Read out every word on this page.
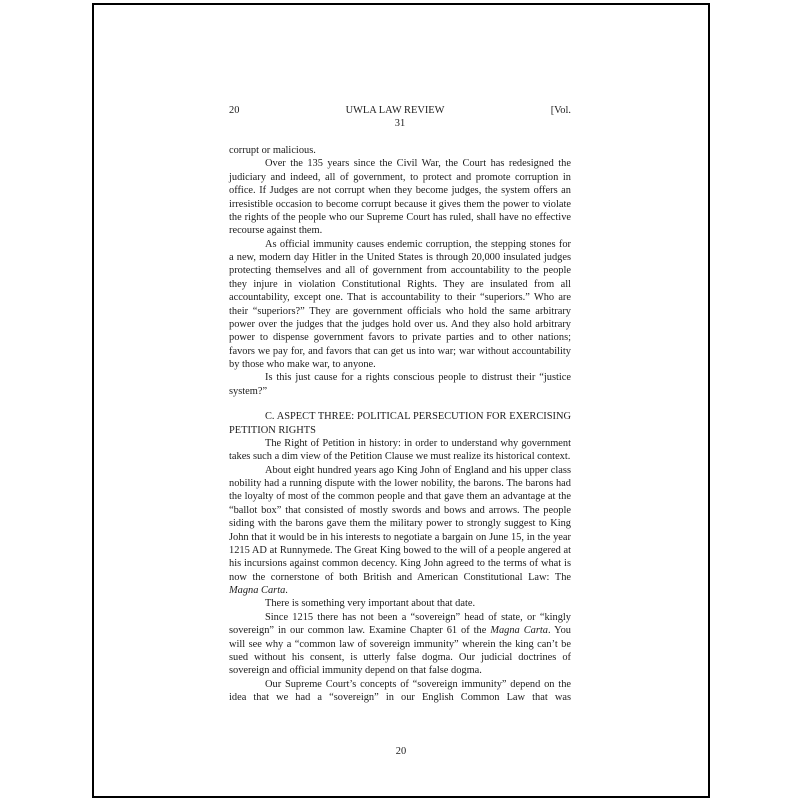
20	UWLA LAW REVIEW	[Vol.
31

corrupt or malicious.

Over the 135 years since the Civil War, the Court has redesigned the judiciary and indeed, all of government, to protect and promote corruption in office. If Judges are not corrupt when they become judges, the system offers an irresistible occasion to become corrupt because it gives them the power to violate the rights of the people who our Supreme Court has ruled, shall have no effective recourse against them.

As official immunity causes endemic corruption, the stepping stones for a new, modern day Hitler in the United States is through 20,000 insulated judges protecting themselves and all of government from accountability to the people they injure in violation Constitutional Rights. They are insulated from all accountability, except one. That is accountability to their “superiors.” Who are their “superiors?” They are government officials who hold the same arbitrary power over the judges that the judges hold over us. And they also hold arbitrary power to dispense government favors to private parties and to other nations; favors we pay for, and favors that can get us into war; war without accountability by those who make war, to anyone.

Is this just cause for a rights conscious people to distrust their “justice system?”

C. ASPECT THREE: POLITICAL PERSECUTION FOR EXERCISING PETITION RIGHTS

The Right of Petition in history: in order to understand why government takes such a dim view of the Petition Clause we must realize its historical context.

About eight hundred years ago King John of England and his upper class nobility had a running dispute with the lower nobility, the barons. The barons had the loyalty of most of the common people and that gave them an advantage at the “ballot box” that consisted of mostly swords and bows and arrows. The people siding with the barons gave them the military power to strongly suggest to King John that it would be in his interests to negotiate a bargain on June 15, in the year 1215 AD at Runnymede. The Great King bowed to the will of a people angered at his incursions against common decency. King John agreed to the terms of what is now the cornerstone of both British and American Constitutional Law: The Magna Carta.

There is something very important about that date.

Since 1215 there has not been a “sovereign” head of state, or “kingly sovereign” in our common law. Examine Chapter 61 of the Magna Carta. You will see why a “common law of sovereign immunity” wherein the king can’t be sued without his consent, is utterly false dogma. Our judicial doctrines of sovereign and official immunity depend on that false dogma.

Our Supreme Court’s concepts of “sovereign immunity” depend on the idea that we had a “sovereign” in our English Common Law that was

20
